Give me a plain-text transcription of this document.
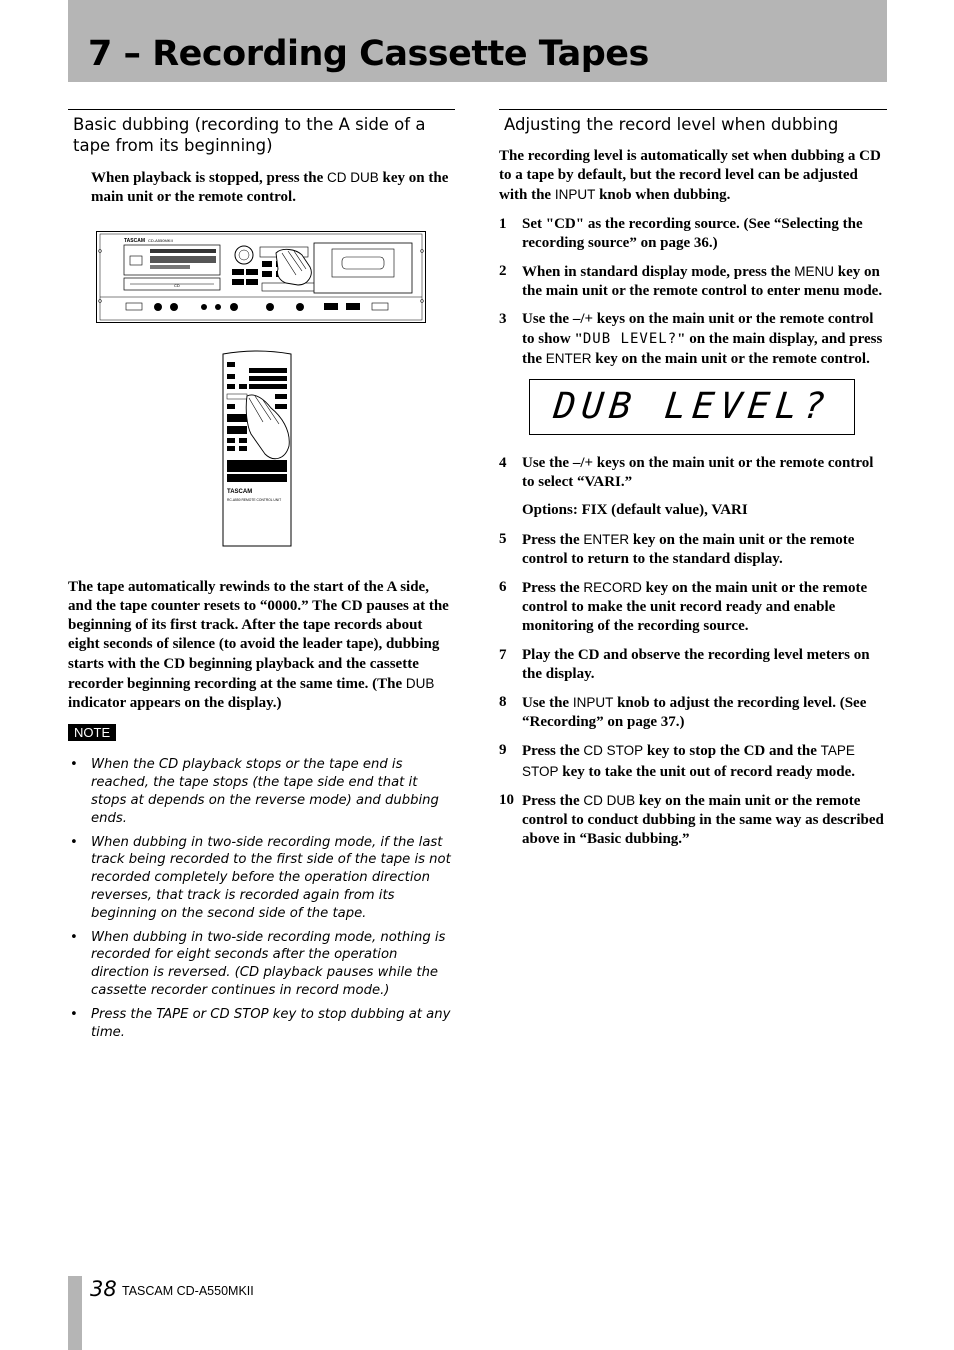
7 – Recording Cassette Tapes
Basic dubbing (recording to the A side of a tape from its beginning)
When playback is stopped, press the CD DUB key on the main unit or the remote control.
TASCAM CD-A550MKII
CD

TASCAM
RC-A550 REMOTE CONTROL UNIT
The tape automatically rewinds to the start of the A side, and the tape counter resets to “0000.” The CD pauses at the beginning of its first track. After the tape records about eight seconds of silence (to avoid the leader tape), dubbing starts with the CD beginning playback and the cassette recorder beginning recording at the same time. (The DUB indicator appears on the display.)
NOTE
• When the CD playback stops or the tape end is reached, the tape stops (the tape side end that it stops at depends on the reverse mode) and dubbing ends.
• When dubbing in two-side recording mode, if the last track being recorded to the first side of the tape is not recorded completely before the operation direction reverses, that track is recorded again from its beginning on the second side of the tape.
• When dubbing in two-side recording mode, nothing is recorded for eight seconds after the operation direction is reversed. (CD playback pauses while the cassette recorder continues in record mode.)
• Press the TAPE or CD STOP key to stop dubbing at any time.
Adjusting the record level when dubbing
The recording level is automatically set when dubbing a CD to a tape by default, but the record level can be adjusted with the INPUT knob when dubbing.
1 Set "CD" as the recording source. (See “Selecting the recording source” on page 36.)
2 When in standard display mode, press the MENU key on the main unit or the remote control to enter menu mode.
3 Use the –/+ keys on the main unit or the remote control to show "DUB LEVEL?" on the main display, and press the ENTER key on the main unit or the remote control.
DUB LEVEL?
4 Use the –/+ keys on the main unit or the remote control to select “VARI.”
Options: FIX (default value), VARI
5 Press the ENTER key on the main unit or the remote control to return to the standard display.
6 Press the RECORD key on the main unit or the remote control to make the unit record ready and enable monitoring of the recording source.
7 Play the CD and observe the recording level meters on the display.
8 Use the INPUT knob to adjust the recording level. (See “Recording” on page 37.)
9 Press the CD STOP key to stop the CD and the TAPE STOP key to take the unit out of record ready mode.
10 Press the CD DUB key on the main unit or the remote control to conduct dubbing in the same way as described above in “Basic dubbing.”
38 TASCAM CD-A550MKII
